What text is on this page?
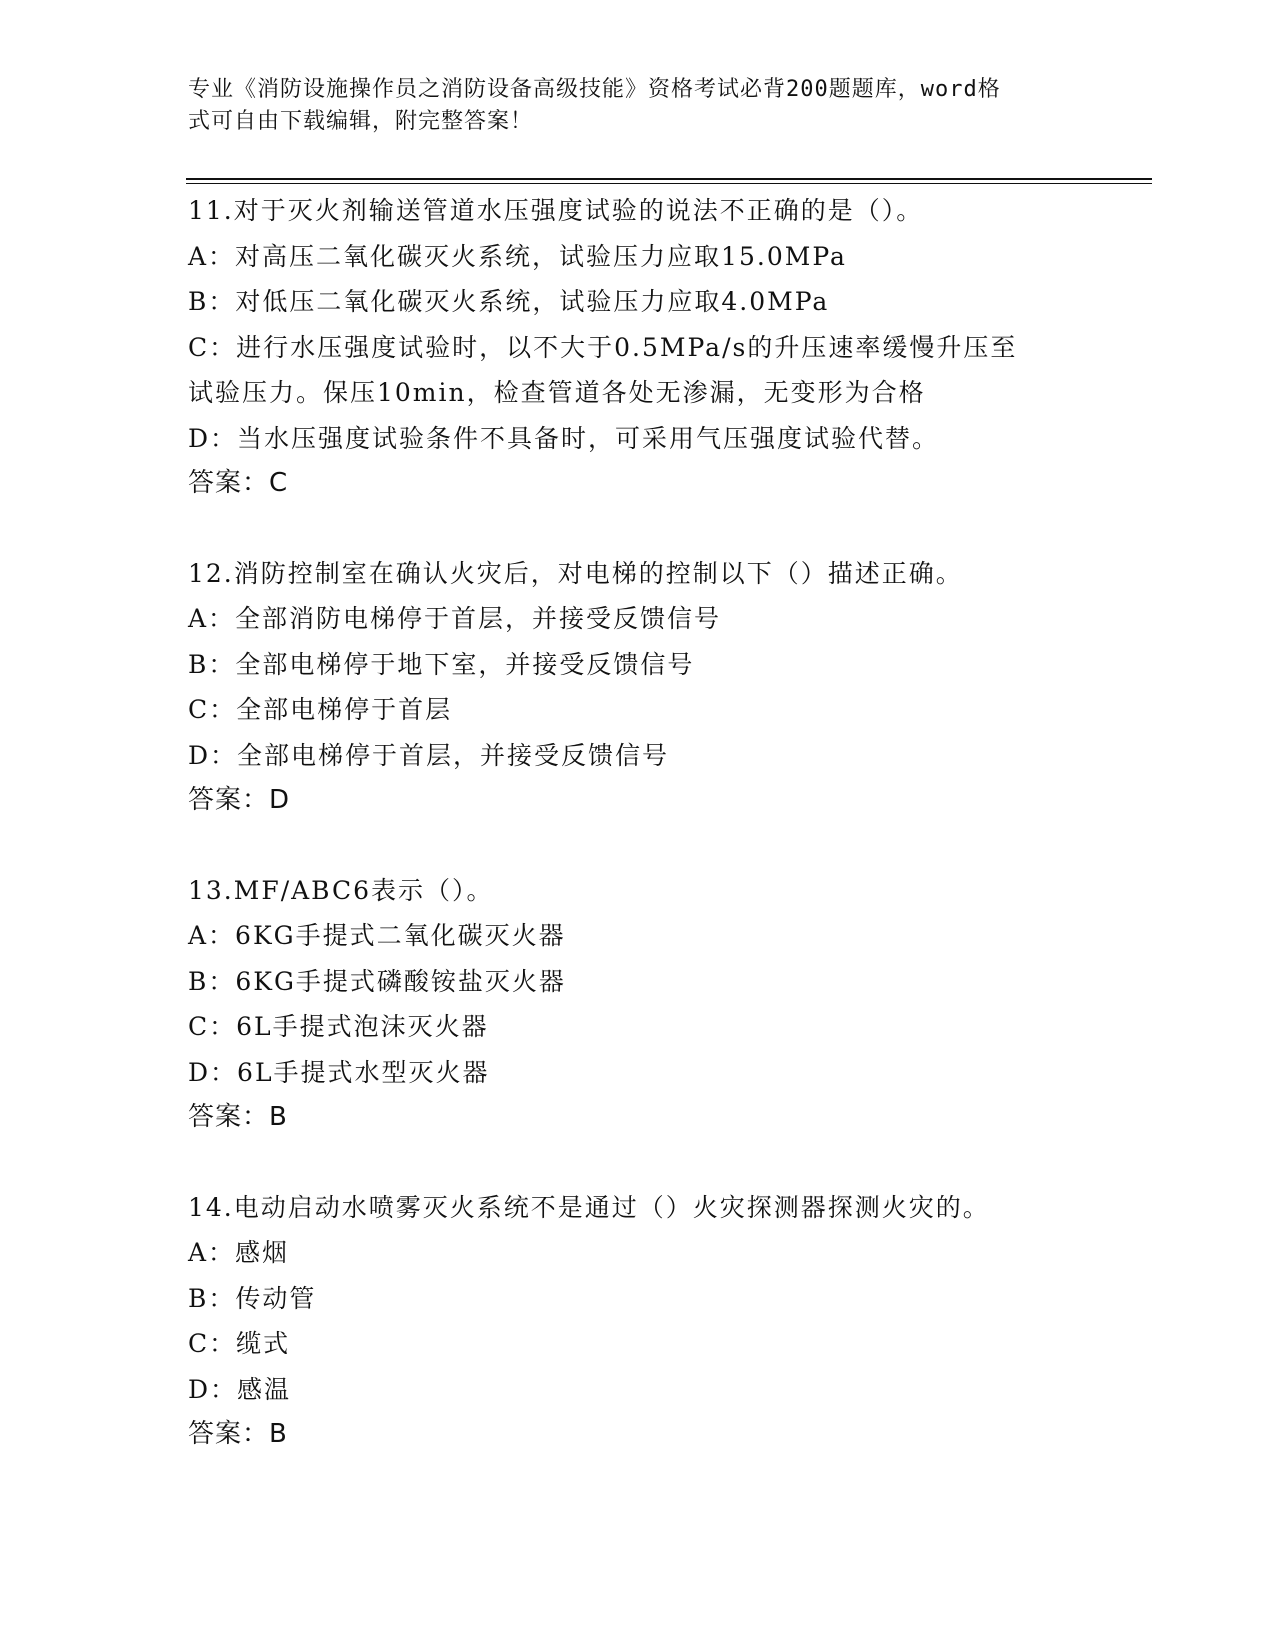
专业《消防设施操作员之消防设备高级技能》资格考试必背200题题库，word格
式可自由下载编辑，附完整答案！
11.对于灭火剂输送管道水压强度试验的说法不正确的是（）。
A：对高压二氧化碳灭火系统，试验压力应取15.0MPa
B：对低压二氧化碳灭火系统，试验压力应取4.0MPa
C：进行水压强度试验时，以不大于0.5MPa/s的升压速率缓慢升压至
试验压力。保压10min，检查管道各处无渗漏，无变形为合格
D：当水压强度试验条件不具备时，可采用气压强度试验代替。
答案：C
12.消防控制室在确认火灾后，对电梯的控制以下（）描述正确。
A：全部消防电梯停于首层，并接受反馈信号
B：全部电梯停于地下室，并接受反馈信号
C：全部电梯停于首层
D：全部电梯停于首层，并接受反馈信号
答案：D
13.MF/ABC6表示（）。
A：6KG手提式二氧化碳灭火器
B：6KG手提式磷酸铵盐灭火器
C：6L手提式泡沫灭火器
D：6L手提式水型灭火器
答案：B
14.电动启动水喷雾灭火系统不是通过（）火灾探测器探测火灾的。
A：感烟
B：传动管
C：缆式
D：感温
答案：B
